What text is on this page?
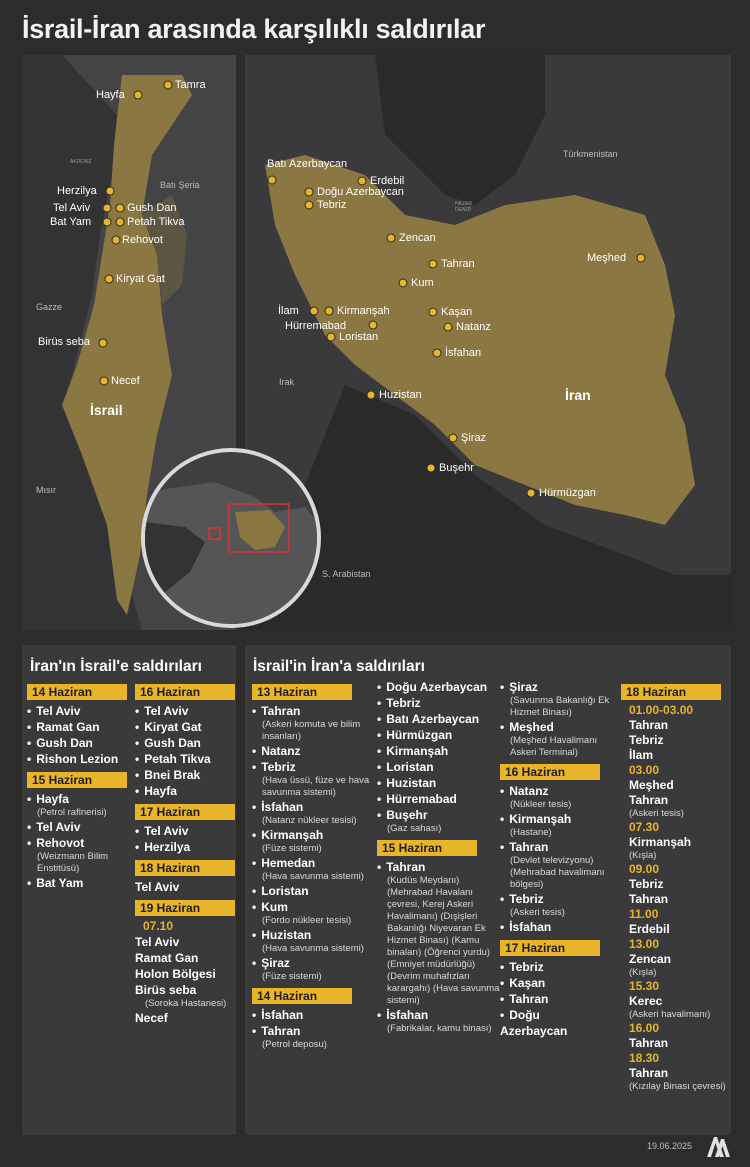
İsrail-İran arasında karşılıklı saldırılar
AKDENİZ
Batı Şeria
Gazze
Mısır
İsrail
Tamra
Hayfa
Herzilya
Tel Aviv	Gush Dan
Bat Yam	Petah Tikva
Rehovot
Kiryat Gat
Birüs seba
Necef
Türkmenistan
HAZAR
DENİZİ
Irak
S. Arabistan
İran
Batı Azerbaycan
Erdebil
Doğu Azerbaycan
Tebriz
Zencan
Tahran	Meşhed
Kum
İlam	Kirmanşah
Hürremabad
Loristan
Kaşan
Natanz
İsfahan
Huzistan
Şiraz
Buşehr
Hürmüzgan
İran'ın İsrail'e saldırıları
14 Haziran
• Tel Aviv
• Ramat Gan
• Gush Dan
• Rishon Lezion
15 Haziran
• Hayfa
(Petrol rafinerisi)
• Tel Aviv
• Rehovot
(Weizmann Bilim Enstitüsü)
• Bat Yam
16 Haziran
• Tel Aviv
• Kiryat Gat
• Gush Dan
• Petah Tikva
• Bnei Brak
• Hayfa
17 Haziran
• Tel Aviv
• Herzilya
18 Haziran
Tel Aviv
19 Haziran
07.10
Tel Aviv
Ramat Gan
Holon Bölgesi
Birüs seba
(Soroka Hastanesi)
Necef
İsrail'in İran'a saldırıları
13 Haziran
• Tahran
(Askeri komuta ve bilim insanları)
• Natanz
• Tebriz
(Hava üssü, füze ve hava savunma sistemi)
• İsfahan
(Natanz nükleer tesisi)
• Kirmanşah
(Füze sistemi)
• Hemedan
(Hava savunma sistemi)
• Loristan
• Kum
(Fordo nükleer tesisi)
• Huzistan
(Hava savunma sistemi)
• Şiraz
(Füze sistemi)
14 Haziran
• İsfahan
• Tahran
(Petrol deposu)
• Doğu Azerbaycan
• Tebriz
• Batı Azerbaycan
• Hürmüzgan
• Kirmanşah
• Loristan
• Huzistan
• Hürremabad
• Buşehr
(Gaz sahası)
15 Haziran
• Tahran
(Kudüs Meydanı) (Mehrabad Havalanı çevresi, Kerej Askeri Havalimanı) (Dışişleri Bakanlığı Niyevaran Ek Hizmet Binası) (Kamu binaları) (Öğrenci yurdu) (Emniyet müdürlüğü) (Devrim muhafızları karargahı) (Hava savunma sistemi)
• İsfahan
(Fabrikalar, kamu binası)
• Şiraz
(Savunma Bakanlığı Ek Hizmet Binası)
• Meşhed
(Meşhed Havalimanı Askeri Terminal)
16 Haziran
• Natanz
(Nükleer tesis)
• Kirmanşah
(Hastane)
• Tahran
(Devlet televizyonu) (Mehrabad havalimanı bölgesi)
• Tebriz
(Askeri tesis)
• İsfahan
17 Haziran
• Tebriz
• Kaşan
• Tahran
• Doğu
Azerbaycan
18 Haziran
01.00-03.00
Tahran
Tebriz
İlam
03.00
Meşhed
Tahran
(Askeri tesis)
07.30
Kirmanşah
(Kışla)
09.00
Tebriz
Tahran
11.00
Erdebil
13.00
Zencan
(Kışla)
15.30
Kerec
(Askeri havalimanı)
16.00
Tahran
18.30
Tahran
(Kızılay Binası çevresi)
19.06.2025
